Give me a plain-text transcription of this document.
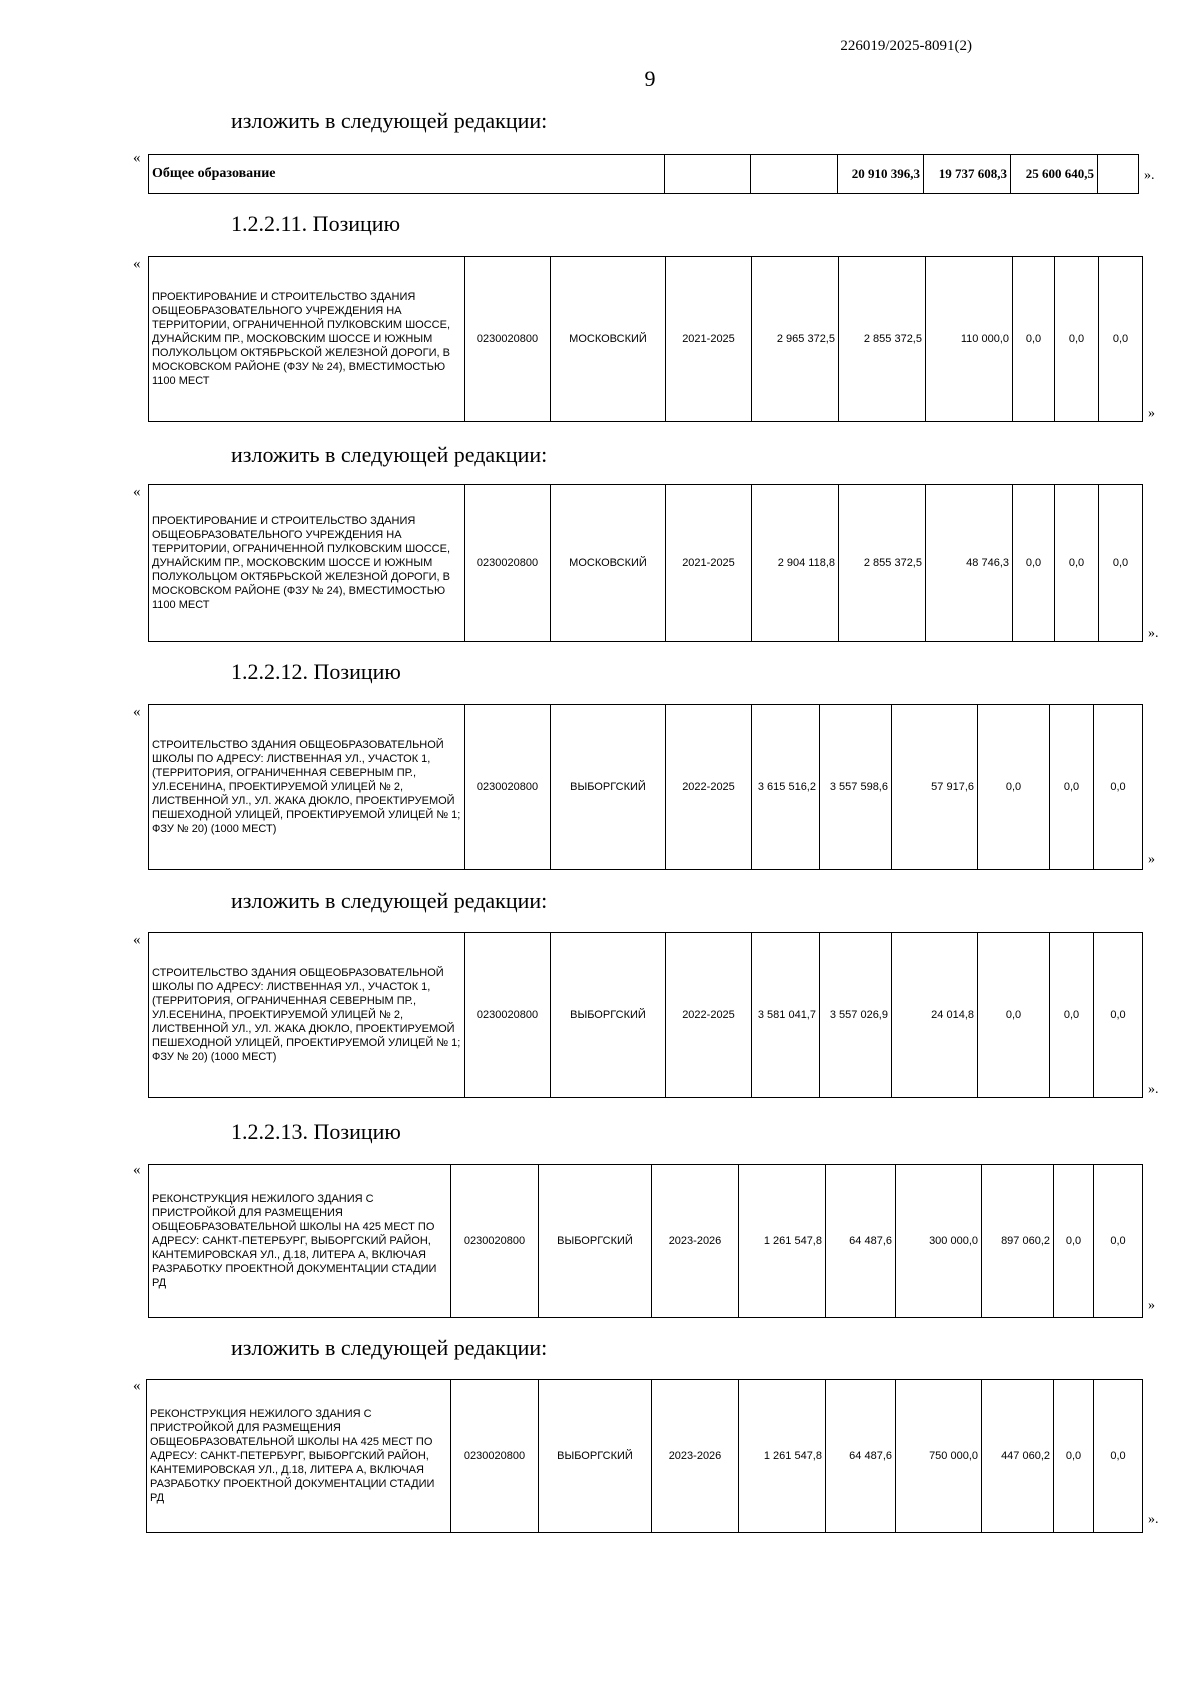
226019/2025-8091(2)
9
изложить в следующей редакции:
«
Общее образование			20 910 396,3	19 737 608,3	25 600 640,5		».
1.2.2.11. Позицию
«
ПРОЕКТИРОВАНИЕ И СТРОИТЕЛЬСТВО ЗДАНИЯ ОБЩЕОБРАЗОВАТЕЛЬНОГО УЧРЕЖДЕНИЯ НА ТЕРРИТОРИИ, ОГРАНИЧЕННОЙ ПУЛКОВСКИМ ШОССЕ, ДУНАЙСКИМ ПР., МОСКОВСКИМ ШОССЕ И ЮЖНЫМ ПОЛУКОЛЬЦОМ ОКТЯБРЬСКОЙ ЖЕЛЕЗНОЙ ДОРОГИ, В МОСКОВСКОМ РАЙОНЕ (ФЗУ № 24), ВМЕСТИМОСТЬЮ 1100 МЕСТ	0230020800	МОСКОВСКИЙ	2021-2025	2 965 372,5	2 855 372,5	110 000,0	0,0	0,0	0,0
»
изложить в следующей редакции:
«
ПРОЕКТИРОВАНИЕ И СТРОИТЕЛЬСТВО ЗДАНИЯ ОБЩЕОБРАЗОВАТЕЛЬНОГО УЧРЕЖДЕНИЯ НА ТЕРРИТОРИИ, ОГРАНИЧЕННОЙ ПУЛКОВСКИМ ШОССЕ, ДУНАЙСКИМ ПР., МОСКОВСКИМ ШОССЕ И ЮЖНЫМ ПОЛУКОЛЬЦОМ ОКТЯБРЬСКОЙ ЖЕЛЕЗНОЙ ДОРОГИ, В МОСКОВСКОМ РАЙОНЕ (ФЗУ № 24), ВМЕСТИМОСТЬЮ 1100 МЕСТ	0230020800	МОСКОВСКИЙ	2021-2025	2 904 118,8	2 855 372,5	48 746,3	0,0	0,0	0,0
».
1.2.2.12. Позицию
«
СТРОИТЕЛЬСТВО ЗДАНИЯ ОБЩЕОБРАЗОВАТЕЛЬНОЙ ШКОЛЫ ПО АДРЕСУ: ЛИСТВЕННАЯ УЛ., УЧАСТОК 1, (ТЕРРИТОРИЯ, ОГРАНИЧЕННАЯ СЕВЕРНЫМ ПР., УЛ.ЕСЕНИНА, ПРОЕКТИРУЕМОЙ УЛИЦЕЙ № 2, ЛИСТВЕННОЙ УЛ., УЛ. ЖАКА ДЮКЛО, ПРОЕКТИРУЕМОЙ ПЕШЕХОДНОЙ УЛИЦЕЙ, ПРОЕКТИРУЕМОЙ УЛИЦЕЙ № 1; ФЗУ № 20) (1000 МЕСТ)	0230020800	ВЫБОРГСКИЙ	2022-2025	3 615 516,2	3 557 598,6	57 917,6	0,0	0,0	0,0
»
изложить в следующей редакции:
«
СТРОИТЕЛЬСТВО ЗДАНИЯ ОБЩЕОБРАЗОВАТЕЛЬНОЙ ШКОЛЫ ПО АДРЕСУ: ЛИСТВЕННАЯ УЛ., УЧАСТОК 1, (ТЕРРИТОРИЯ, ОГРАНИЧЕННАЯ СЕВЕРНЫМ ПР., УЛ.ЕСЕНИНА, ПРОЕКТИРУЕМОЙ УЛИЦЕЙ № 2, ЛИСТВЕННОЙ УЛ., УЛ. ЖАКА ДЮКЛО, ПРОЕКТИРУЕМОЙ ПЕШЕХОДНОЙ УЛИЦЕЙ, ПРОЕКТИРУЕМОЙ УЛИЦЕЙ № 1; ФЗУ № 20) (1000 МЕСТ)	0230020800	ВЫБОРГСКИЙ	2022-2025	3 581 041,7	3 557 026,9	24 014,8	0,0	0,0	0,0
».
1.2.2.13. Позицию
«
РЕКОНСТРУКЦИЯ НЕЖИЛОГО ЗДАНИЯ С ПРИСТРОЙКОЙ ДЛЯ РАЗМЕЩЕНИЯ ОБЩЕОБРАЗОВАТЕЛЬНОЙ ШКОЛЫ НА 425 МЕСТ ПО АДРЕСУ: САНКТ-ПЕТЕРБУРГ, ВЫБОРГСКИЙ РАЙОН, КАНТЕМИРОВСКАЯ УЛ., Д.18, ЛИТЕРА А, ВКЛЮЧАЯ РАЗРАБОТКУ ПРОЕКТНОЙ ДОКУМЕНТАЦИИ СТАДИИ РД	0230020800	ВЫБОРГСКИЙ	2023-2026	1 261 547,8	64 487,6	300 000,0	897 060,2	0,0	0,0
»
изложить в следующей редакции:
«
РЕКОНСТРУКЦИЯ НЕЖИЛОГО ЗДАНИЯ С ПРИСТРОЙКОЙ ДЛЯ РАЗМЕЩЕНИЯ ОБЩЕОБРАЗОВАТЕЛЬНОЙ ШКОЛЫ НА 425 МЕСТ ПО АДРЕСУ: САНКТ-ПЕТЕРБУРГ, ВЫБОРГСКИЙ РАЙОН, КАНТЕМИРОВСКАЯ УЛ., Д.18, ЛИТЕРА А, ВКЛЮЧАЯ РАЗРАБОТКУ ПРОЕКТНОЙ ДОКУМЕНТАЦИИ СТАДИИ РД	0230020800	ВЫБОРГСКИЙ	2023-2026	1 261 547,8	64 487,6	750 000,0	447 060,2	0,0	0,0
».
